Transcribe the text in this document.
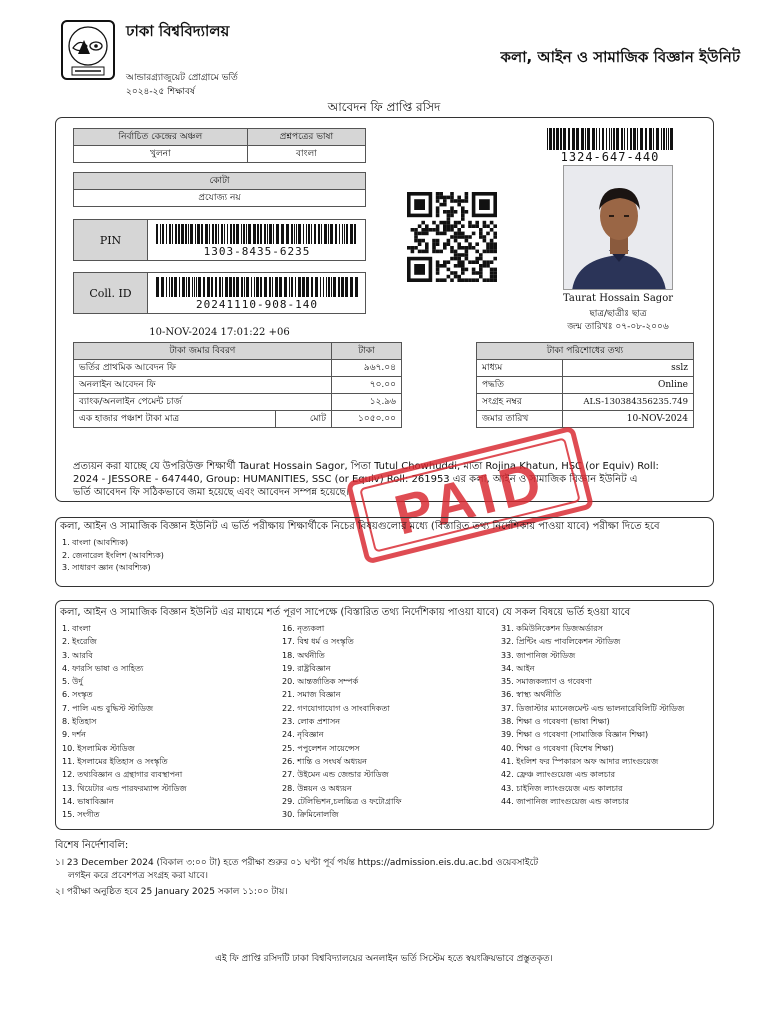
ঢাকা বিশ্ববিদ্যালয়
কলা, আইন ও সামাজিক বিজ্ঞান ইউনিট
আন্ডারগ্র্যাজুয়েট প্রোগ্রামে ভর্তি
২০২৪-২৫ শিক্ষাবর্ষ
আবেদন ফি প্রাপ্তি রসিদ
নির্বাচিত কেন্দ্রের অঞ্চল	প্রশ্নপত্রের ভাষা
খুলনা	বাংলা
কোটা
প্রযোজ্য নয়
PIN
1303-8435-6235
Coll. ID
20241110-908-140
10-NOV-2024 17:01:22 +06
1324-647-440
Taurat Hossain Sagor
ছাত্র/ছাত্রীঃ ছাত্র
জন্ম তারিখঃ ০৭-০৮-২০০৬
টাকা জমার বিবরণ		টাকা
ভর্তির প্রাথমিক আবেদন ফি		৯৬৭.০৪
অনলাইন আবেদন ফি		৭০.০০
ব্যাংক/অনলাইন পেমেন্ট চার্জ		১২.৯৬
এক হাজার পঞ্চাশ টাকা মাত্র	মোট	১০৫০.০০
টাকা পরিশোধের তথ্য	
মাধ্যম	sslz
পদ্ধতি	Online
সংগ্রহ নম্বর	ALS-130384356235.749
জমার তারিখ	10-NOV-2024
প্রত্যয়ন করা যাচ্ছে যে উপরিউক্ত শিক্ষার্থী Taurat Hossain Sagor, পিতা Tutul Chowhuddi, মাতা Rojina Khatun, HSC (or Equiv) Roll:
2024 - JESSORE - 647440, Group: HUMANITIES, SSC (or Equiv) Roll: 261953 এর কলা, আইন ও সামাজিক বিজ্ঞান ইউনিট এ
ভর্তি আবেদন ফি সঠিকভাবে জমা হয়েছে এবং আবেদন সম্পন্ন হয়েছে। PAID
কলা, আইন ও সামাজিক বিজ্ঞান ইউনিট এ ভর্তি পরীক্ষায় শিক্ষার্থীকে নিচের বিষয়গুলোর মধ্যে (বিস্তারিত তথ্য নির্দেশিকায় পাওয়া যাবে) পরীক্ষা দিতে হবে
1. বাংলা (আবশ্যিক)
2. জেনারেল ইংলিশ (আবশ্যিক)
3. সাধারণ জ্ঞান (আবশ্যিক)
কলা, আইন ও সামাজিক বিজ্ঞান ইউনিট এর মাধ্যমে শর্ত পূরণ সাপেক্ষে (বিস্তারিত তথ্য নির্দেশিকায় পাওয়া যাবে) যে সকল বিষয়ে ভর্তি হওয়া যাবে
1. বাংলা
2. ইংরেজি
3. আরবি
4. ফারসি ভাষা ও সাহিত্য
5. উর্দু
6. সংস্কৃত
7. পালি এন্ড বুদ্ধিস্ট স্টাডিজ
8. ইতিহাস
9. দর্শন
10. ইসলামিক স্টাডিজ
11. ইসলামের ইতিহাস ও সংস্কৃতি
12. তথ্যবিজ্ঞান ও গ্রন্থাগার ব্যবস্থাপনা
13. থিয়েটার এন্ড পারফরম্যান্স স্টাডিজ
14. ভাষাবিজ্ঞান
15. সংগীত
16. নৃত্যকলা
17. বিশ্ব ধর্ম ও সংস্কৃতি
18. অর্থনীতি
19. রাষ্ট্রবিজ্ঞান
20. আন্তর্জাতিক সম্পর্ক
21. সমাজ বিজ্ঞান
22. গণযোগাযোগ ও সাংবাদিকতা
23. লোক প্রশাসন
24. নৃবিজ্ঞান
25. পপুলেশন সায়েন্সেস
26. শান্তি ও সংঘর্ষ অধ্যয়ন
27. উইমেন এন্ড জেন্ডার স্টাডিজ
28. উন্নয়ন ও অধ্যয়ন
29. টেলিভিশন,চলচ্চিত্র ও ফটোগ্রাফি
30. ক্রিমিনোলজি
31. কমিউনিকেশন ডিজঅর্ডারস
32. প্রিন্টিং এন্ড পাবলিকেশন স্টাডিজ
33. জাপানিজ স্টাডিজ
34. আইন
35. সমাজকল্যাণ ও গবেষণা
36. স্বাস্থ্য অর্থনীতি
37. ডিজাস্টার ম্যানেজমেন্ট এন্ড ভালনারেবিলিটি স্টাডিজ
38. শিক্ষা ও গবেষণা (ভাষা শিক্ষা)
39. শিক্ষা ও গবেষণা (সামাজিক বিজ্ঞান শিক্ষা)
40. শিক্ষা ও গবেষণা (বিশেষ শিক্ষা)
41. ইংলিশ ফর স্পিকারস অফ আদার ল্যাংগুয়েজ
42. ফ্রেঞ্চ ল্যাংগুয়েজ এন্ড কালচার
43. চাইনিজ ল্যাংগুয়েজ এন্ড কালচার
44. জাপানিজ ল্যাংগুয়েজ এন্ড কালচার
বিশেষ নির্দেশাবলি:
১। 23 December 2024 (বিকাল ৩:০০ টা) হতে পরীক্ষা শুরুর ০১ ঘণ্টা পূর্ব পর্যন্ত https://admission.eis.du.ac.bd ওয়েবসাইটে
লগইন করে প্রবেশপত্র সংগ্রহ করা যাবে।
২। পরীক্ষা অনুষ্ঠিত হবে 25 January 2025 সকাল ১১:০০ টায়।
এই ফি প্রাপ্তি রসিদটি ঢাকা বিশ্ববিদ্যালয়ের অনলাইন ভর্তি সিস্টেম হতে স্বয়ংক্রিয়ভাবে প্রস্তুতকৃত।
